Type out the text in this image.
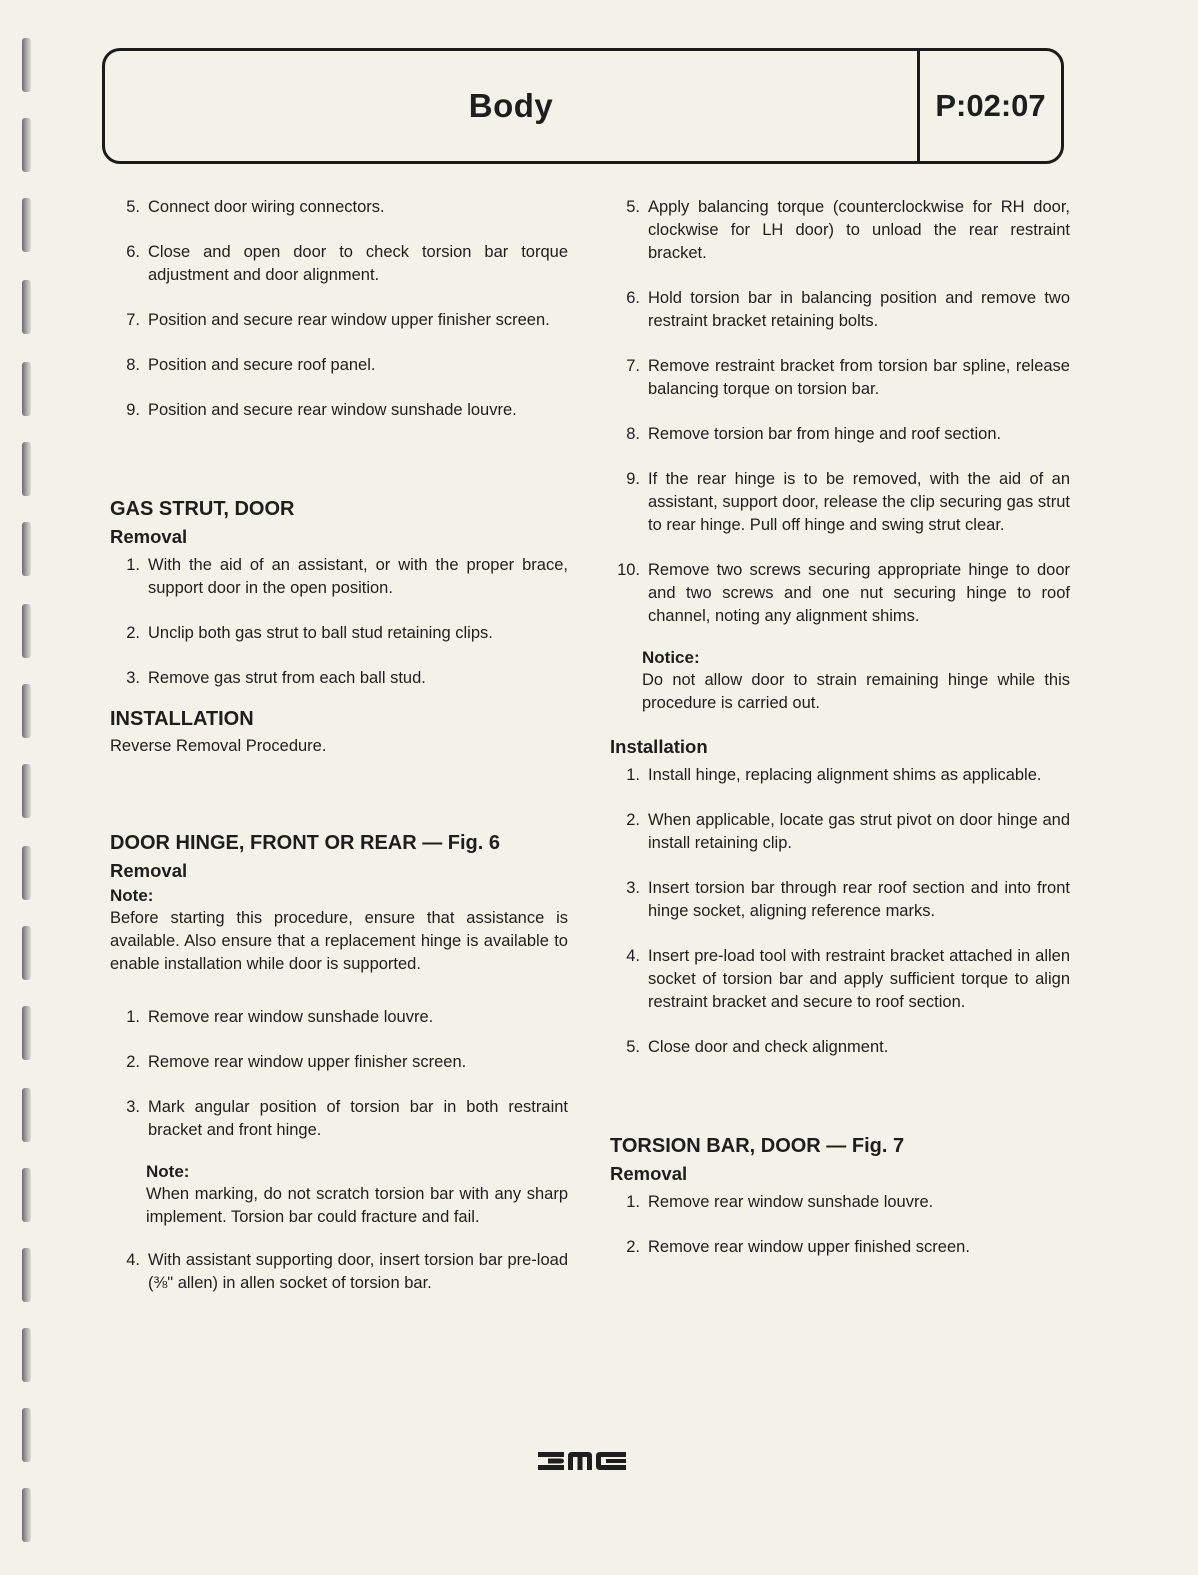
Body	P:02:07
5. Connect door wiring connectors.
6. Close and open door to check torsion bar torque adjustment and door alignment.
7. Position and secure rear window upper finisher screen.
8. Position and secure roof panel.
9. Position and secure rear window sunshade louvre.
GAS STRUT, DOOR
Removal
1. With the aid of an assistant, or with the proper brace, support door in the open position.
2. Unclip both gas strut to ball stud retaining clips.
3. Remove gas strut from each ball stud.
INSTALLATION
Reverse Removal Procedure.
DOOR HINGE, FRONT OR REAR — Fig. 6
Removal
Note:
Before starting this procedure, ensure that assistance is available. Also ensure that a replacement hinge is available to enable installation while door is supported.
1. Remove rear window sunshade louvre.
2. Remove rear window upper finisher screen.
3. Mark angular position of torsion bar in both restraint bracket and front hinge.
Note:
When marking, do not scratch torsion bar with any sharp implement. Torsion bar could fracture and fail.
4. With assistant supporting door, insert torsion bar pre-load (⅜" allen) in allen socket of torsion bar.
5. Apply balancing torque (counterclockwise for RH door, clockwise for LH door) to unload the rear restraint bracket.
6. Hold torsion bar in balancing position and remove two restraint bracket retaining bolts.
7. Remove restraint bracket from torsion bar spline, release balancing torque on torsion bar.
8. Remove torsion bar from hinge and roof section.
9. If the rear hinge is to be removed, with the aid of an assistant, support door, release the clip securing gas strut to rear hinge. Pull off hinge and swing strut clear.
10. Remove two screws securing appropriate hinge to door and two screws and one nut securing hinge to roof channel, noting any alignment shims.
Notice:
Do not allow door to strain remaining hinge while this procedure is carried out.
Installation
1. Install hinge, replacing alignment shims as applicable.
2. When applicable, locate gas strut pivot on door hinge and install retaining clip.
3. Insert torsion bar through rear roof section and into front hinge socket, aligning reference marks.
4. Insert pre-load tool with restraint bracket attached in allen socket of torsion bar and apply sufficient torque to align restraint bracket and secure to roof section.
5. Close door and check alignment.
TORSION BAR, DOOR — Fig. 7
Removal
1. Remove rear window sunshade louvre.
2. Remove rear window upper finished screen.
